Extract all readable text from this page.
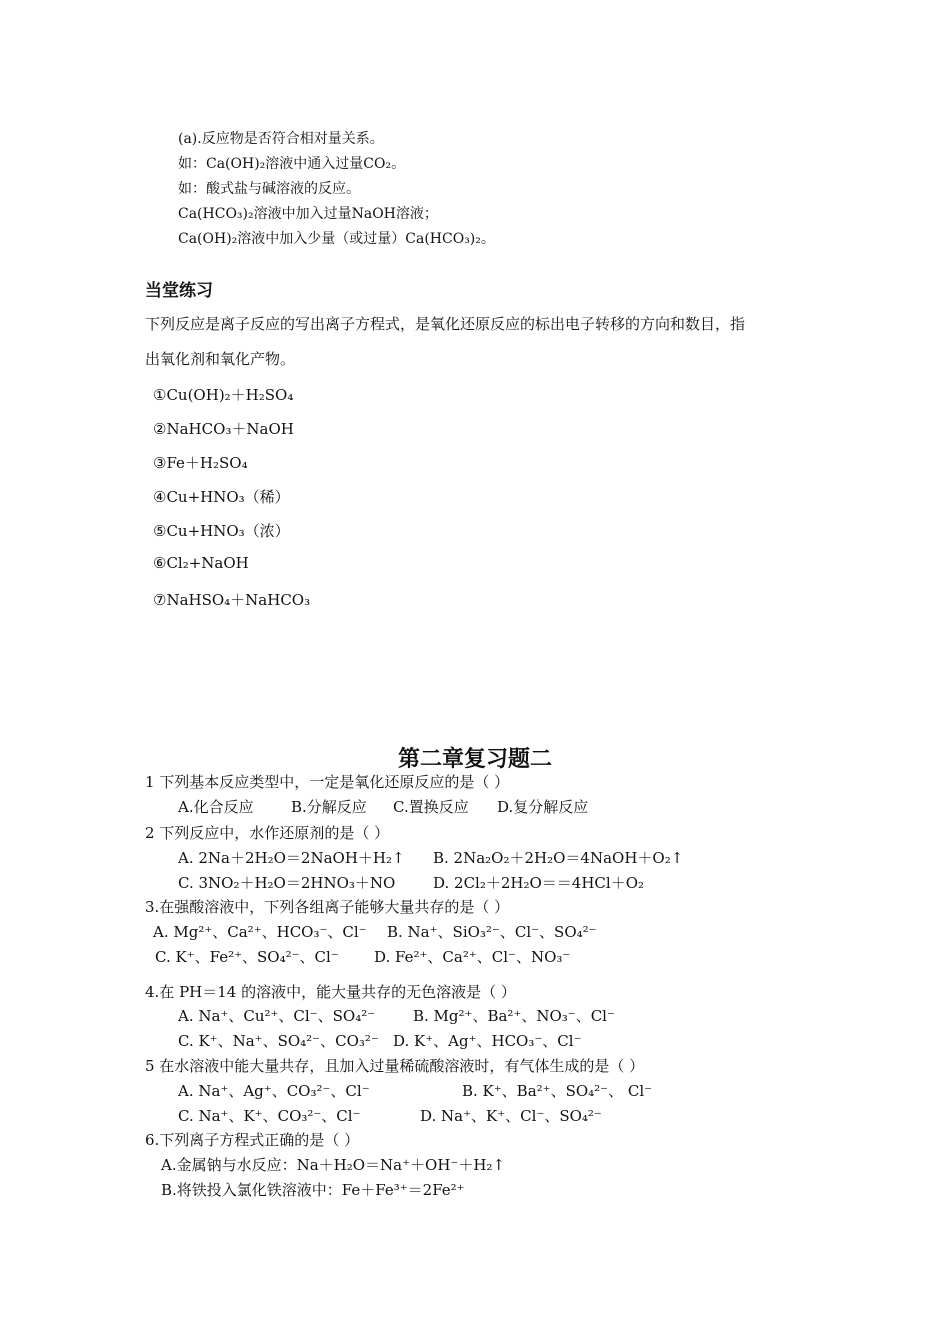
(a).反应物是否符合相对量关系。
如：Ca(OH)₂溶液中通入过量CO₂。
如：酸式盐与碱溶液的反应。
Ca(HCO₃)₂溶液中加入过量NaOH溶液；
Ca(OH)₂溶液中加入少量（或过量）Ca(HCO₃)₂。
当堂练习
下列反应是离子反应的写出离子方程式，是氧化还原反应的标出电子转移的方向和数目，指
出氧化剂和氧化产物。
①Cu(OH)₂＋H₂SO₄
②NaHCO₃＋NaOH
③Fe＋H₂SO₄
④Cu+HNO₃（稀）
⑤Cu+HNO₃（浓）
⑥Cl₂+NaOH
⑦NaHSO₄＋NaHCO₃
第二章复习题二
1 下列基本反应类型中，一定是氧化还原反应的是（ ）
A.化合反应 B.分解反应 C.置换反应 D.复分解反应
2 下列反应中，水作还原剂的是（ ）
A. 2Na＋2H₂O＝2NaOH＋H₂↑ B. 2Na₂O₂＋2H₂O＝4NaOH＋O₂↑
C. 3NO₂＋H₂O＝2HNO₃＋NO	D. 2Cl₂＋2H₂O＝＝4HCl＋O₂
3.在强酸溶液中，下列各组离子能够大量共存的是（ ）
A. Mg²⁺、Ca²⁺、HCO₃⁻、Cl⁻ B. Na⁺、SiO₃²⁻、Cl⁻、SO₄²⁻
C. K⁺、Fe²⁺、SO₄²⁻、Cl⁻ D. Fe²⁺、Ca²⁺、Cl⁻、NO₃⁻
4.在 PH＝14 的溶液中，能大量共存的无色溶液是（ ）
A. Na⁺、Cu²⁺、Cl⁻、SO₄²⁻	B. Mg²⁺、Ba²⁺、NO₃⁻、Cl⁻
C. K⁺、Na⁺、SO₄²⁻、CO₃²⁻ D. K⁺、Ag⁺、HCO₃⁻、Cl⁻
5 在水溶液中能大量共存，且加入过量稀硫酸溶液时，有气体生成的是（ ）
A. Na⁺、Ag⁺、CO₃²⁻、Cl⁻	B. K⁺、Ba²⁺、SO₄²⁻、 Cl⁻
C. Na⁺、K⁺、CO₃²⁻、Cl⁻	D. Na⁺、K⁺、Cl⁻、SO₄²⁻
6.下列离子方程式正确的是（ ）
A.金属钠与水反应：Na＋H₂O＝Na⁺＋OH⁻＋H₂↑
B.将铁投入氯化铁溶液中：Fe＋Fe³⁺＝2Fe²⁺
